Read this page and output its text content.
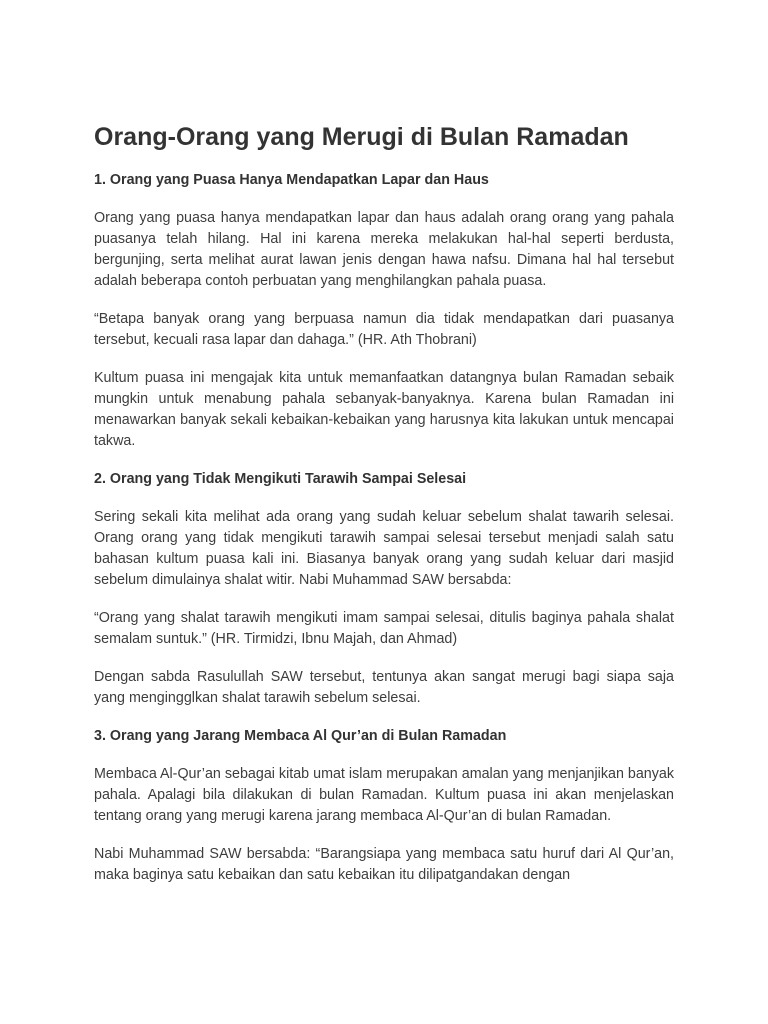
Orang-Orang yang Merugi di Bulan Ramadan
1. Orang yang Puasa Hanya Mendapatkan Lapar dan Haus

Orang yang puasa hanya mendapatkan lapar dan haus adalah orang orang yang pahala puasanya telah hilang. Hal ini karena mereka melakukan hal-hal seperti berdusta, bergunjing, serta melihat aurat lawan jenis dengan hawa nafsu. Dimana hal hal tersebut adalah beberapa contoh perbuatan yang menghilangkan pahala puasa.

“Betapa banyak orang yang berpuasa namun dia tidak mendapatkan dari puasanya tersebut, kecuali rasa lapar dan dahaga.” (HR. Ath Thobrani)

Kultum puasa ini mengajak kita untuk memanfaatkan datangnya bulan Ramadan sebaik mungkin untuk menabung pahala sebanyak-banyaknya. Karena bulan Ramadan ini menawarkan banyak sekali kebaikan-kebaikan yang harusnya kita lakukan untuk mencapai takwa.

2. Orang yang Tidak Mengikuti Tarawih Sampai Selesai

Sering sekali kita melihat ada orang yang sudah keluar sebelum shalat tawarih selesai. Orang orang yang tidak mengikuti tarawih sampai selesai tersebut menjadi salah satu bahasan kultum puasa kali ini. Biasanya banyak orang yang sudah keluar dari masjid sebelum dimulainya shalat witir. Nabi Muhammad SAW bersabda:

“Orang yang shalat tarawih mengikuti imam sampai selesai, ditulis baginya pahala shalat semalam suntuk.” (HR. Tirmidzi, Ibnu Majah, dan Ahmad)

Dengan sabda Rasulullah SAW tersebut, tentunya akan sangat merugi bagi siapa saja yang mengingglkan shalat tarawih sebelum selesai.

3. Orang yang Jarang Membaca Al Qur’an di Bulan Ramadan

Membaca Al-Qur’an sebagai kitab umat islam merupakan amalan yang menjanjikan banyak pahala. Apalagi bila dilakukan di bulan Ramadan. Kultum puasa ini akan menjelaskan tentang orang yang merugi karena jarang membaca Al-Qur’an di bulan Ramadan.

Nabi Muhammad SAW bersabda: “Barangsiapa yang membaca satu huruf dari Al Qur’an, maka baginya satu kebaikan dan satu kebaikan itu dilipatgandakan dengan
